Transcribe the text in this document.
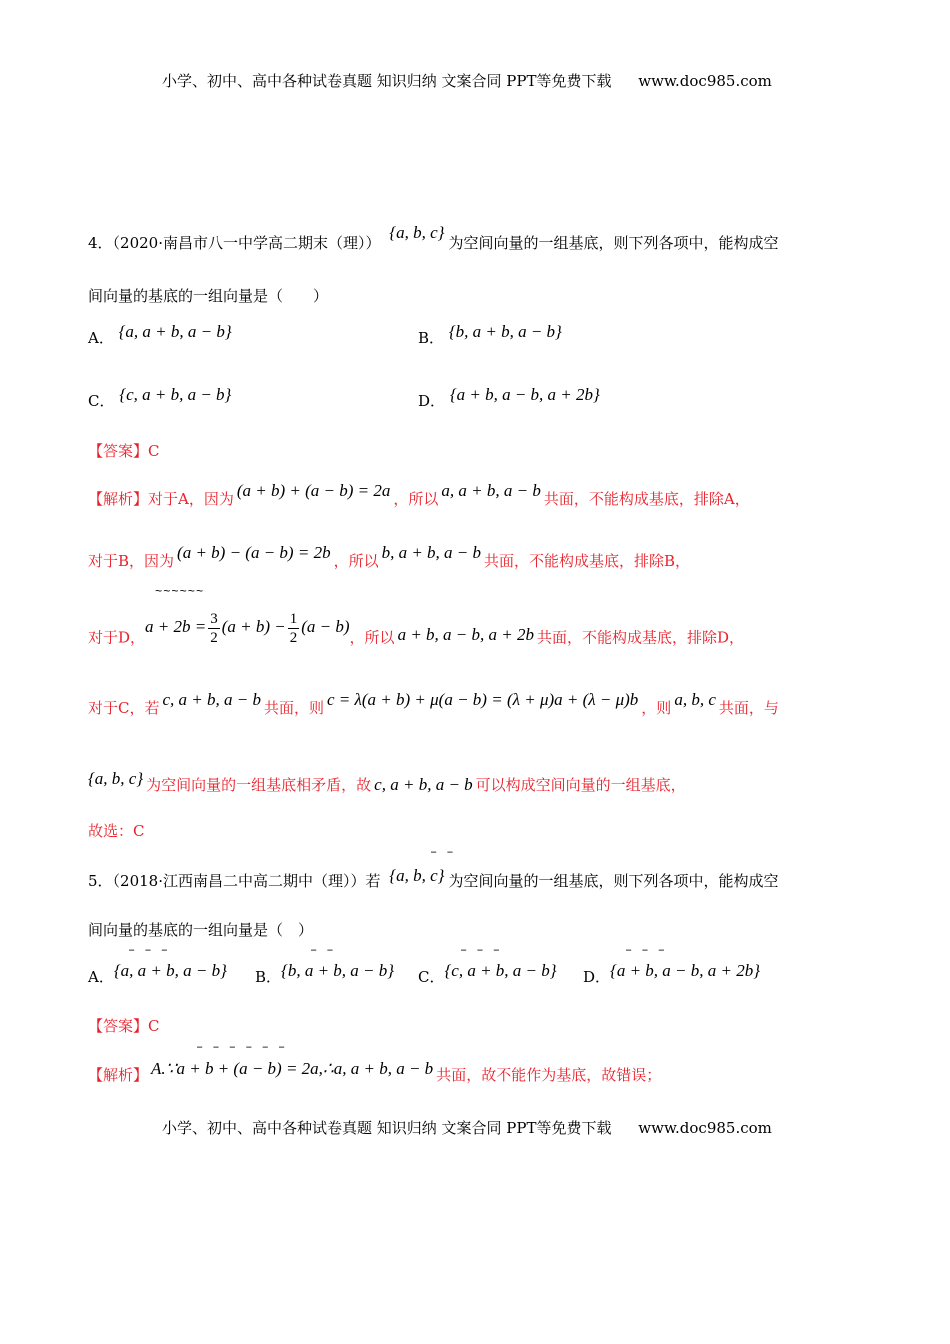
小学、初中、高中各种试卷真题 知识归纳 文案合同 PPT等免费下载 www.doc985.com
4．（2020·南昌市八一中学高二期末（理）） {a, b, c}为空间向量的一组基底，则下列各项中，能构成空
间向量的基底的一组向量是（　　）
A． {a, a + b, a − b}	B． {b, a + b, a − b}
C． {c, a + b, a − b}	D． {a + b, a − b, a + 2b}
【答案】C
【解析】对于A，因为 (a + b) + (a − b) = 2a ，所以 a, a + b, a − b 共面，不能构成基底，排除A，
对于B，因为 (a + b) − (a − b) = 2b ，所以 b, a + b, a − b 共面，不能构成基底，排除B，
~~~~~~
对于D，$a + 2b = \frac{3}{2} (a + b) - \frac{1}{2} (a - b)$，所以 a + b, a − b, a + 2b 共面，不能构成基底，排除D，
对于C，若 c, a + b, a − b 共面，则 c = λ(a + b) + μ(a − b) = (λ + μ)a + (λ − μ)b ，则 a, b, c 共面，与
{a, b, c} 为空间向量的一组基底相矛盾，故 c, a + b, a − b 可以构成空间向量的一组基底，
故选：C
– –
5．（2018·江西南昌二中高二期中（理））若 {a, b, c} 为空间向量的一组基底，则下列各项中，能构成空
间向量的基底的一组向量是（　）
– – –	– –	– – –	– – –
A．{a, a + b, a − b} B．{b, a + b, a − b} C．{c, a + b, a − b} D．{a + b, a − b, a + 2b}
【答案】C
– – – – – –
【解析】 A.∵a + b + (a − b) = 2a,∴a, a + b, a − b 共面，故不能作为基底，故错误；
小学、初中、高中各种试卷真题 知识归纳 文案合同 PPT等免费下载 www.doc985.com
